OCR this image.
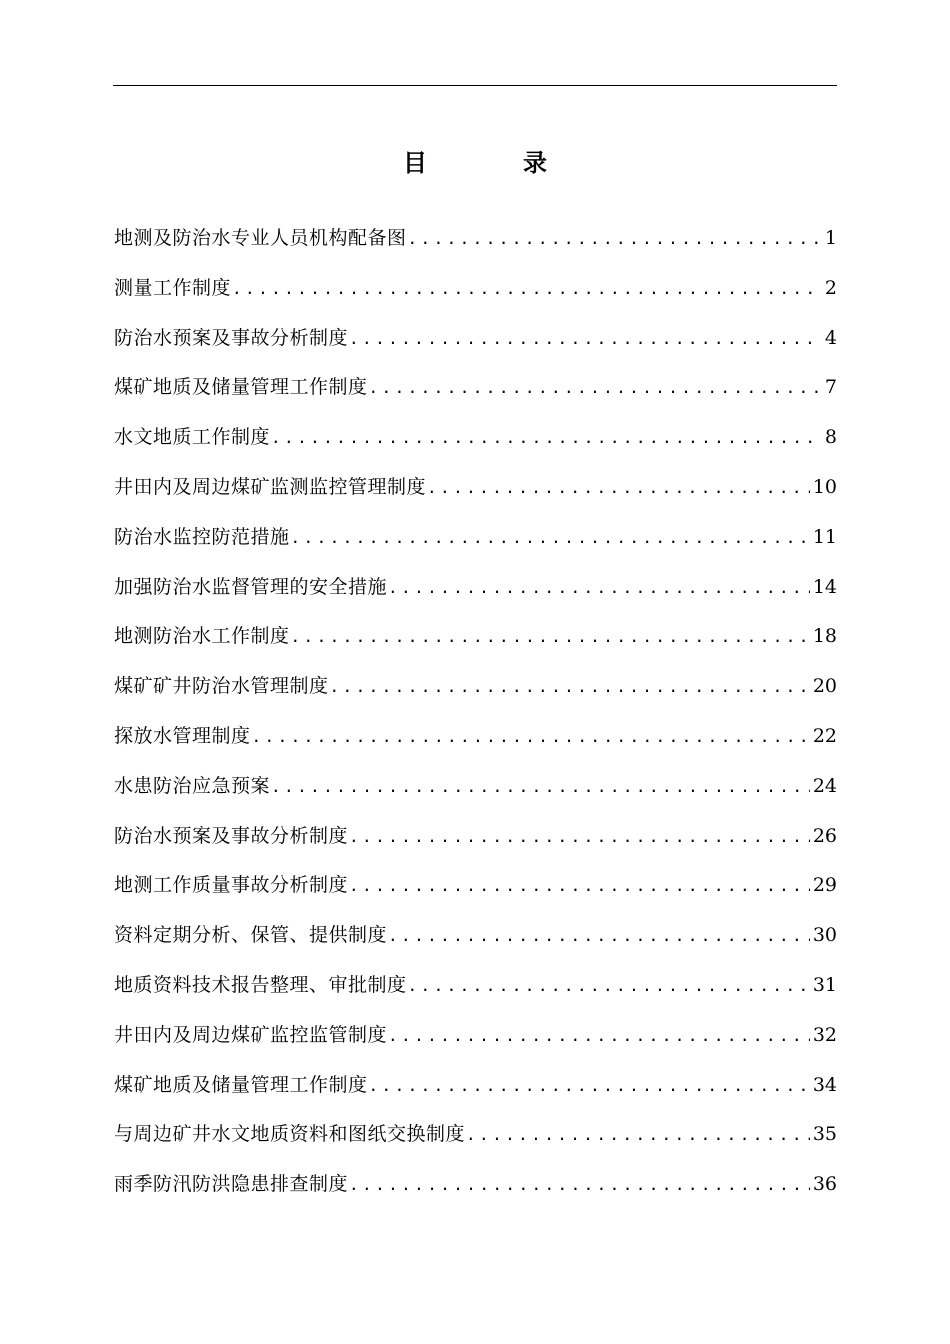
目　录
地测及防治水专业人员机构配备图 .....	1
测量工作制度 .....	2
防治水预案及事故分析制度 .....	4
煤矿地质及储量管理工作制度 .....	7
水文地质工作制度 .....	8
井田内及周边煤矿监测监控管理制度 .....	10
防治水监控防范措施 .....	11
加强防治水监督管理的安全措施 .....	14
地测防治水工作制度 .....	18
煤矿矿井防治水管理制度 .....	20
探放水管理制度 .....	22
水患防治应急预案 .....	24
防治水预案及事故分析制度 .....	26
地测工作质量事故分析制度 .....	29
资料定期分析、保管、提供制度 .....	30
地质资料技术报告整理、审批制度 .....	31
井田内及周边煤矿监控监管制度 .....	32
煤矿地质及储量管理工作制度 .....	34
与周边矿井水文地质资料和图纸交换制度 .....	35
雨季防汛防洪隐患排查制度 .....	36
